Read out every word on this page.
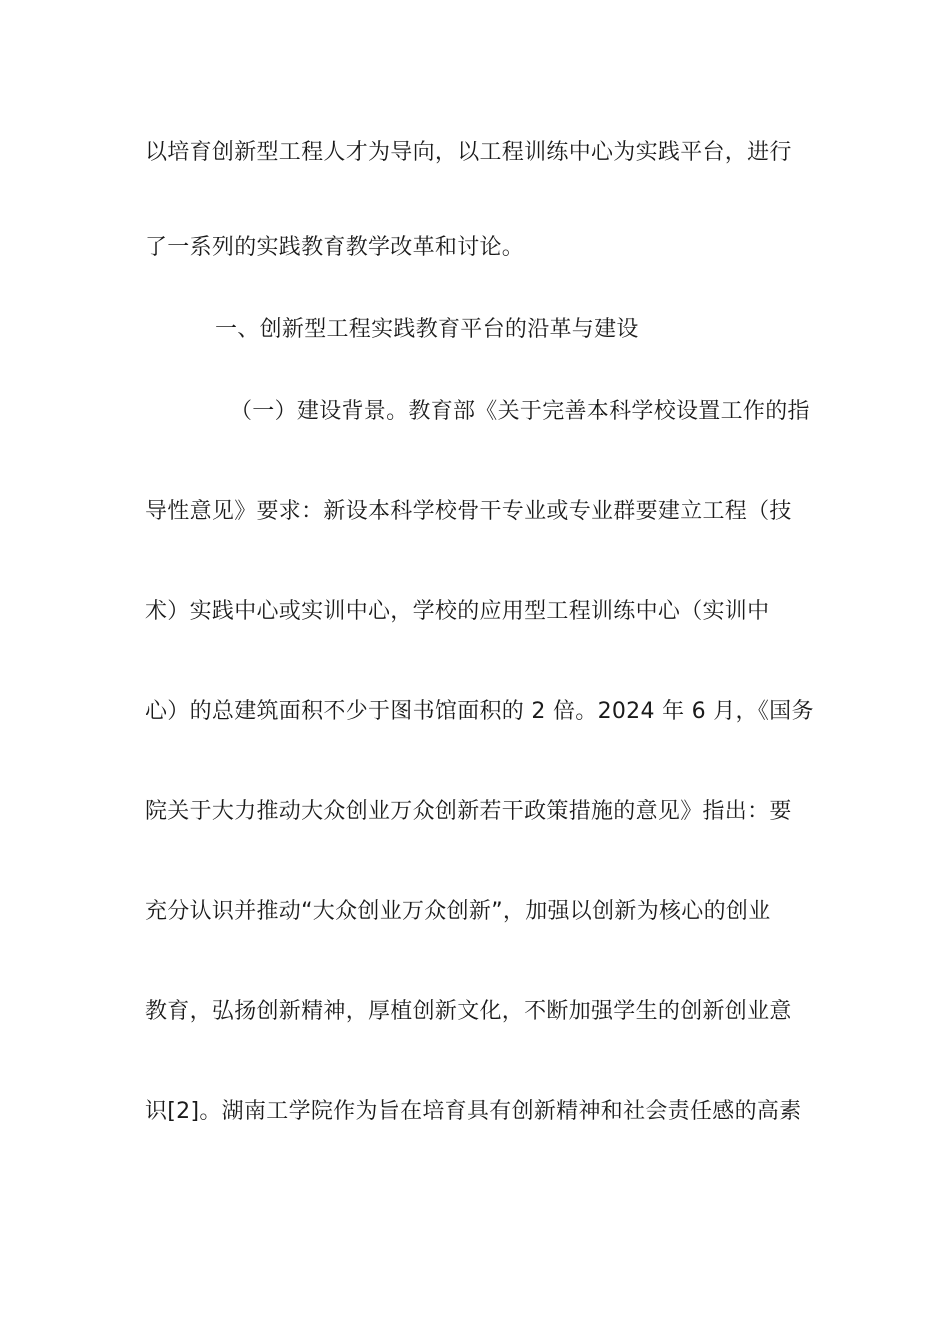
以培育创新型工程人才为导向，以工程训练中心为实践平台，进行
了一系列的实践教育教学改革和讨论。
一、创新型工程实践教育平台的沿革与建设
（一）建设背景。教育部《关于完善本科学校设置工作的指
导性意见》要求：新设本科学校骨干专业或专业群要建立工程（技
术）实践中心或实训中心，学校的应用型工程训练中心（实训中
心）的总建筑面积不少于图书馆面积的 2 倍。2024 年 6 月，《国务
院关于大力推动大众创业万众创新若干政策措施的意见》指出：要
充分认识并推动“大众创业万众创新”，加强以创新为核心的创业
教育，弘扬创新精神，厚植创新文化，不断加强学生的创新创业意
识[2]。湖南工学院作为旨在培育具有创新精神和社会责任感的高素
